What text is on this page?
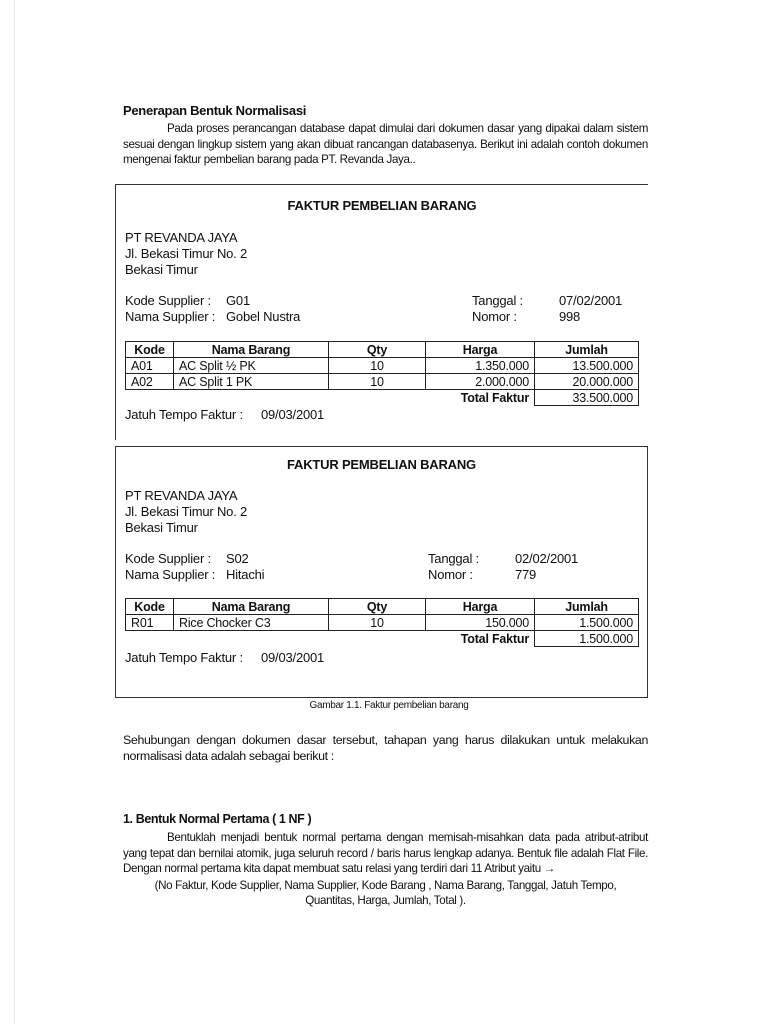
Penerapan Bentuk Normalisasi

Pada proses perancangan database dapat dimulai dari dokumen dasar yang dipakai dalam sistem sesuai dengan lingkup sistem yang akan dibuat rancangan databasenya. Berikut ini adalah contoh dokumen mengenai faktur pembelian barang pada PT. Revanda Jaya..

FAKTUR PEMBELIAN BARANG
PT REVANDA JAYA
Jl. Bekasi Timur No. 2
Bekasi Timur
Kode Supplier : G01
Nama Supplier : Gobel Nustra
Tanggal :	07/02/2001
Nomor :	998
Kode	Nama Barang	Qty	Harga	Jumlah
A01	AC Split ½ PK	10	1.350.000	13.500.000
A02	AC Split 1 PK	10	2.000.000	20.000.000
Total Faktur				33.500.000
Jatuh Tempo Faktur : 09/03/2001
FAKTUR PEMBELIAN BARANG
PT REVANDA JAYA
Jl. Bekasi Timur No. 2
Bekasi Timur
Kode Supplier : S02
Nama Supplier : Hitachi
Tanggal :	02/02/2001
Nomor :	779
Kode	Nama Barang	Qty	Harga	Jumlah
R01	Rice Chocker C3	10	150.000	1.500.000
Total Faktur				1.500.000
Jatuh Tempo Faktur : 09/03/2001
Gambar 1.1. Faktur pembelian barang

Sehubungan dengan dokumen dasar tersebut, tahapan yang harus dilakukan untuk melakukan normalisasi data adalah sebagai berikut :

1. Bentuk Normal Pertama ( 1 NF )

Bentuklah menjadi bentuk normal pertama dengan memisah-misahkan data pada atribut-atribut yang tepat dan bernilai atomik, juga seluruh record / baris harus lengkap adanya. Bentuk file adalah Flat File. Dengan normal pertama kita dapat membuat satu relasi yang terdiri dari 11 Atribut yaitu →

(No Faktur, Kode Supplier, Nama Supplier, Kode Barang , Nama Barang, Tanggal, Jatuh Tempo,
Quantitas, Harga, Jumlah, Total ).
